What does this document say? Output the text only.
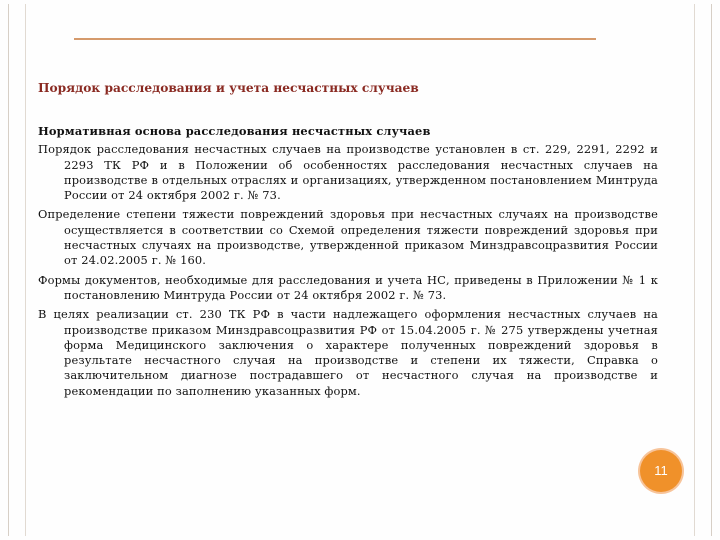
Порядок расследования и учета несчастных случаев
Нормативная основа расследования несчастных случаев

Порядок расследования несчастных случаев на производстве установлен в ст. 229, 2291, 2292 и 2293 ТК РФ и в Положении об особенностях расследования несчастных случаев на производстве в отдельных отраслях и организациях, утвержденном постановлением Минтруда России от 24 октября 2002 г. № 73.

Определение степени тяжести повреждений здоровья при несчастных случаях на производстве осуществляется в соответствии со Схемой определения тяжести повреждений здоровья при несчастных случаях на производстве, утвержденной приказом Минздравсоцразвития России от 24.02.2005 г. № 160.

Формы документов, необходимые для расследования и учета НС, приведены в Приложении № 1 к постановлению Минтруда России от 24 октября 2002 г. № 73.

В целях реализации ст. 230 ТК РФ в части надлежащего оформления несчастных случаев на производстве приказом Минздравсоцразвития РФ от 15.04.2005 г. № 275 утверждены учетная форма Медицинского заключения о характере полученных повреждений здоровья в результате несчастного случая на производстве и степени их тяжести, Справка о заключительном диагнозе пострадавшего от несчастного случая на производстве и рекомендации по заполнению указанных форм.

11
